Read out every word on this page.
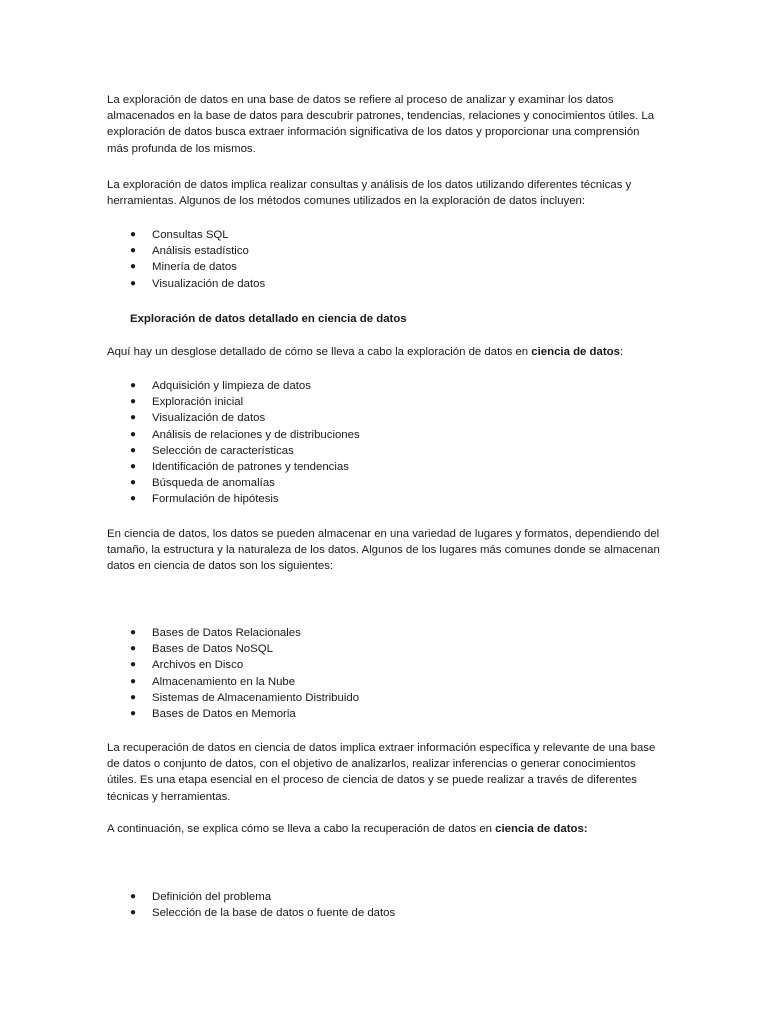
La exploración de datos en una base de datos se refiere al proceso de analizar y examinar los datos almacenados en la base de datos para descubrir patrones, tendencias, relaciones y conocimientos útiles. La exploración de datos busca extraer información significativa de los datos y proporcionar una comprensión más profunda de los mismos.

La exploración de datos implica realizar consultas y análisis de los datos utilizando diferentes técnicas y herramientas. Algunos de los métodos comunes utilizados en la exploración de datos incluyen:

● Consultas SQL
● Análisis estadístico
● Minería de datos
● Visualización de datos

Exploración de datos detallado en ciencia de datos

Aquí hay un desglose detallado de cómo se lleva a cabo la exploración de datos en ciencia de datos:

● Adquisición y limpieza de datos
● Exploración inicial
● Visualización de datos
● Análisis de relaciones y de distribuciones
● Selección de características
● Identificación de patrones y tendencias
● Búsqueda de anomalías
● Formulación de hipótesis

En ciencia de datos, los datos se pueden almacenar en una variedad de lugares y formatos, dependiendo del tamaño, la estructura y la naturaleza de los datos. Algunos de los lugares más comunes donde se almacenan datos en ciencia de datos son los siguientes:

● Bases de Datos Relacionales
● Bases de Datos NoSQL
● Archivos en Disco
● Almacenamiento en la Nube
● Sistemas de Almacenamiento Distribuido
● Bases de Datos en Memoria

La recuperación de datos en ciencia de datos implica extraer información específica y relevante de una base de datos o conjunto de datos, con el objetivo de analizarlos, realizar inferencias o generar conocimientos útiles. Es una etapa esencial en el proceso de ciencia de datos y se puede realizar a través de diferentes técnicas y herramientas.

A continuación, se explica cómo se lleva a cabo la recuperación de datos en ciencia de datos:

● Definición del problema
● Selección de la base de datos o fuente de datos
